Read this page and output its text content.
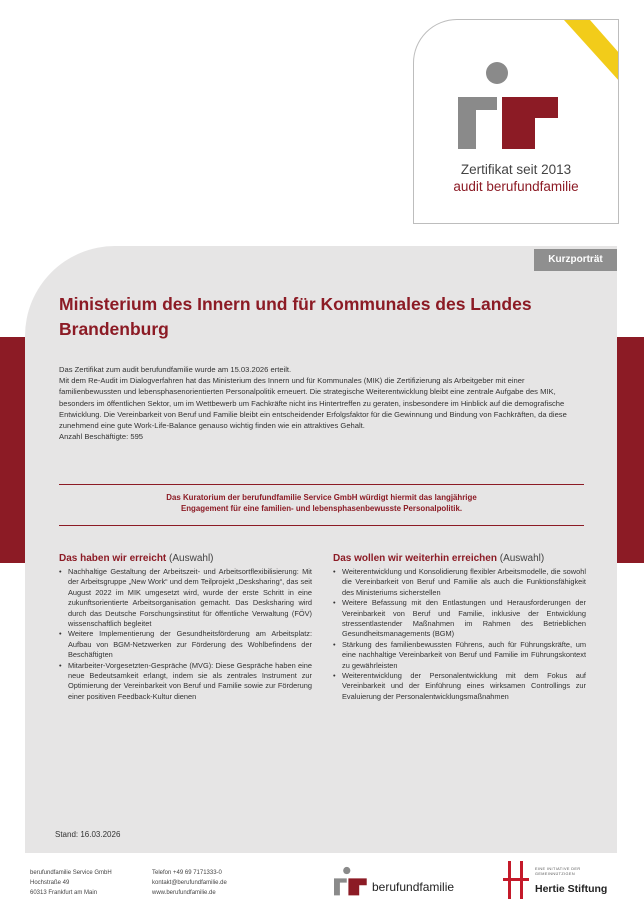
Zertifikat seit 2013
audit berufundfamilie
Kurzporträt
Ministerium des Innern und für Kommunales des Landes Brandenburg

Das Zertifikat zum audit berufundfamilie wurde am 15.03.2026 erteilt.

Mit dem Re-Audit im Dialogverfahren hat das Ministerium des Innern und für Kommunales (MIK) die Zertifizierung als Arbeitgeber mit einer familienbewussten und lebensphasenorientierten Personalpolitik erneuert. Die strategische Weiterentwicklung bleibt eine zentrale Aufgabe des MIK, besonders im öffentlichen Sektor, um im Wettbewerb um Fachkräfte nicht ins Hintertreffen zu geraten, insbesondere im Hinblick auf die demografische Entwicklung. Die Vereinbarkeit von Beruf und Familie bleibt ein entscheidender Erfolgsfaktor für die Gewinnung und Bindung von Fachkräften, da diese zunehmend eine gute Work-Life-Balance genauso wichtig finden wie ein attraktives Gehalt.

Anzahl Beschäftigte: 595

Das Kuratorium der berufundfamilie Service GmbH würdigt hiermit das langjährige
Engagement für eine familien- und lebensphasenbewusste Personalpolitik.
Das haben wir erreicht (Auswahl)
• Nachhaltige Gestaltung der Arbeitszeit- und Arbeitsortflexibilisierung: Mit der Arbeitsgruppe „New Work“ und dem Teilprojekt „Desksharing“, das seit August 2022 im MIK umgesetzt wird, wurde der erste Schritt in eine zukunftsorientierte Arbeitsorganisation gemacht. Das Desksharing wird durch das Deutsche Forschungsinstitut für öffentliche Verwaltung (FÖV) wissenschaftlich begleitet
• Weitere Implementierung der Gesundheitsförderung am Arbeitsplatz: Aufbau von BGM-Netzwerken zur Förderung des Wohlbefindens der Beschäftigten
• Mitarbeiter-Vorgesetzten-Gespräche (MVG): Diese Gespräche haben eine neue Bedeutsamkeit erlangt, indem sie als zentrales Instrument zur Optimierung der Vereinbarkeit von Beruf und Familie sowie zur Förderung einer positiven Feedback-Kultur dienen
Das wollen wir weiterhin erreichen (Auswahl)
• Weiterentwicklung und Konsolidierung flexibler Arbeitsmodelle, die sowohl die Vereinbarkeit von Beruf und Familie als auch die Funktionsfähigkeit des Ministeriums sicherstellen
• Weitere Befassung mit den Entlastungen und Herausforderungen der Vereinbarkeit von Beruf und Familie, inklusive der Entwicklung stressentlastender Maßnahmen im Rahmen des Betrieblichen Gesundheitsmanagements (BGM)
• Stärkung des familienbewussten Führens, auch für Führungskräfte, um eine nachhaltige Vereinbarkeit von Beruf und Familie im Führungskontext zu gewährleisten
• Weiterentwicklung der Personalentwicklung mit dem Fokus auf Vereinbarkeit und der Einführung eines wirksamen Controllings zur Evaluierung der Personalentwicklungsmaßnahmen
Stand: 16.03.2026
berufundfamilie Service GmbH
Hochstraße 49
60313 Frankfurt am Main
Telefon +49 69 7171333-0
kontakt@berufundfamilie.de
www.berufundfamilie.de	berufundfamilie
EINE INITIATIVE DER
GEMEINNÜTZIGEN
Hertie Stiftung
